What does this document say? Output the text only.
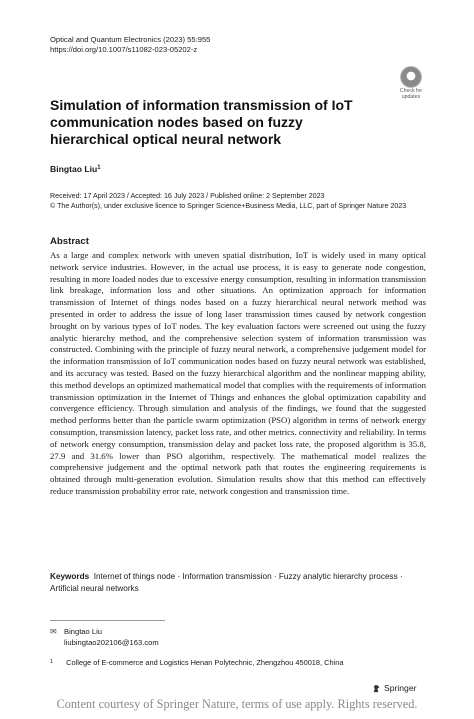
Optical and Quantum Electronics (2023) 55:955
https://doi.org/10.1007/s11082-023-05202-z
Check for
updates
Simulation of information transmission of IoT communication nodes based on fuzzy hierarchical optical neural network
Bingtao Liu$^1$
Received: 17 April 2023 / Accepted: 16 July 2023 / Published online: 2 September 2023
© The Author(s), under exclusive licence to Springer Science+Business Media, LLC, part of Springer Nature 2023
Abstract
As a large and complex network with uneven spatial distribution, IoT is widely used in many optical network service industries. However, in the actual use process, it is easy to generate node congestion, resulting in more loaded nodes due to excessive energy consumption, resulting in information transmission link breakage, information loss and other situations. An optimization approach for information transmission of Internet of things nodes based on a fuzzy hierarchical neural network method was presented in order to address the issue of long laser transmission times caused by network congestion brought on by various types of IoT nodes. The key evaluation factors were screened out using the fuzzy analytic hierarchy method, and the comprehensive selection system of information transmission was constructed. Combining with the principle of fuzzy neural network, a comprehensive judgement model for the information transmission of IoT communication nodes based on fuzzy neural network was established, and its accuracy was tested. Based on the fuzzy hierarchical algorithm and the nonlinear mapping ability, this method develops an optimized mathematical model that complies with the requirements of information transmission optimization in the Internet of Things and enhances the global optimization capability and convergence efficiency. Through simulation and analysis of the findings, we found that the suggested method performs better than the particle swarm optimization (PSO) algorithm in terms of network energy consumption, transmission latency, packet loss rate, and other metrics. connectivity and reliability. In terms of network energy consumption, transmission delay and packet loss rate, the proposed algorithm is 35.8, 27.9 and 31.6% lower than PSO algorithm, respectively. The mathematical model realizes the comprehensive judgement and the optimal network path that routes the engineering requirements is obtained through multi-generation evolution. Simulation results show that this method can effectively reduce transmission probability error rate, network congestion and transmission time.
Keywords Internet of things node · Information transmission · Fuzzy analytic hierarchy process · Artificial neural networks
✉ Bingtao Liu
liubingtao202106@163.com
$^1$ College of E-commerce and Logistics Henan Polytechnic, Zhengzhou 450018, China
Springer
Content courtesy of Springer Nature, terms of use apply. Rights reserved.
